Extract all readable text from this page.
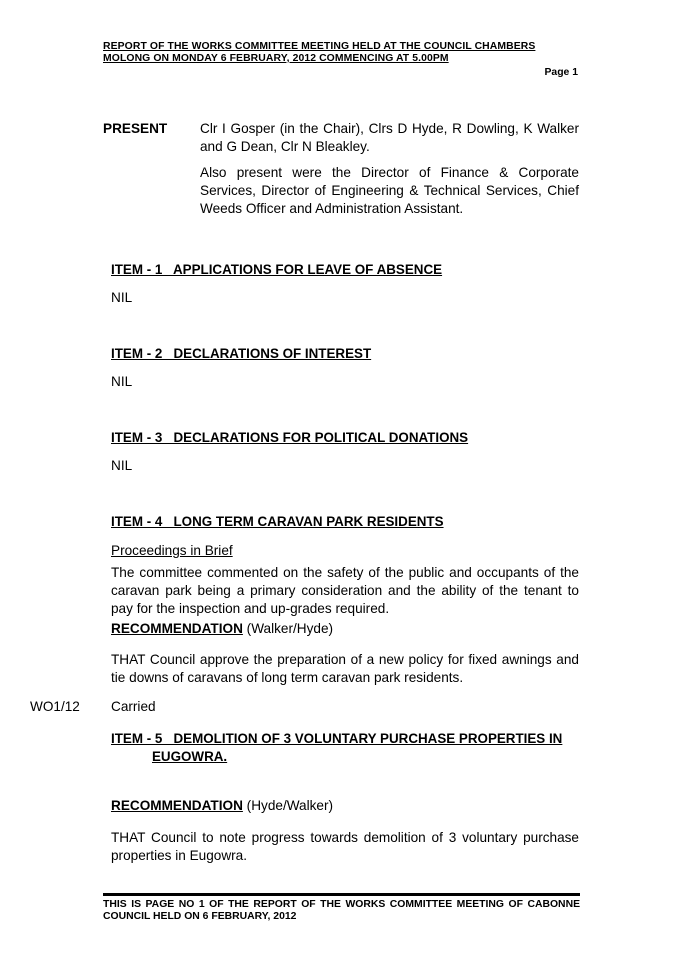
REPORT OF THE WORKS COMMITTEE MEETING HELD AT THE COUNCIL CHAMBERS
MOLONG ON MONDAY 6 FEBRUARY, 2012 COMMENCING AT 5.00PM
Page 1
PRESENT Clr I Gosper (in the Chair), Clrs D Hyde, R Dowling, K Walker and G Dean, Clr N Bleakley.
Also present were the Director of Finance & Corporate Services, Director of Engineering & Technical Services, Chief Weeds Officer and Administration Assistant.
ITEM - 1   APPLICATIONS FOR LEAVE OF ABSENCE
NIL
ITEM - 2   DECLARATIONS OF INTEREST
NIL
ITEM - 3   DECLARATIONS FOR POLITICAL DONATIONS
NIL
ITEM - 4   LONG TERM CARAVAN PARK RESIDENTS
Proceedings in Brief
The committee commented on the safety of the public and occupants of the caravan park being a primary consideration and the ability of the tenant to pay for the inspection and up-grades required.
RECOMMENDATION (Walker/Hyde)
THAT Council approve the preparation of a new policy for fixed awnings and tie downs of caravans of long term caravan park residents.
WO1/12 Carried
ITEM - 5   DEMOLITION OF 3 VOLUNTARY PURCHASE PROPERTIES IN
EUGOWRA.
RECOMMENDATION (Hyde/Walker)
THAT Council to note progress towards demolition of 3 voluntary purchase properties in Eugowra.
THIS IS PAGE NO 1 OF THE REPORT OF THE WORKS COMMITTEE MEETING OF CABONNE COUNCIL HELD ON 6 FEBRUARY, 2012
